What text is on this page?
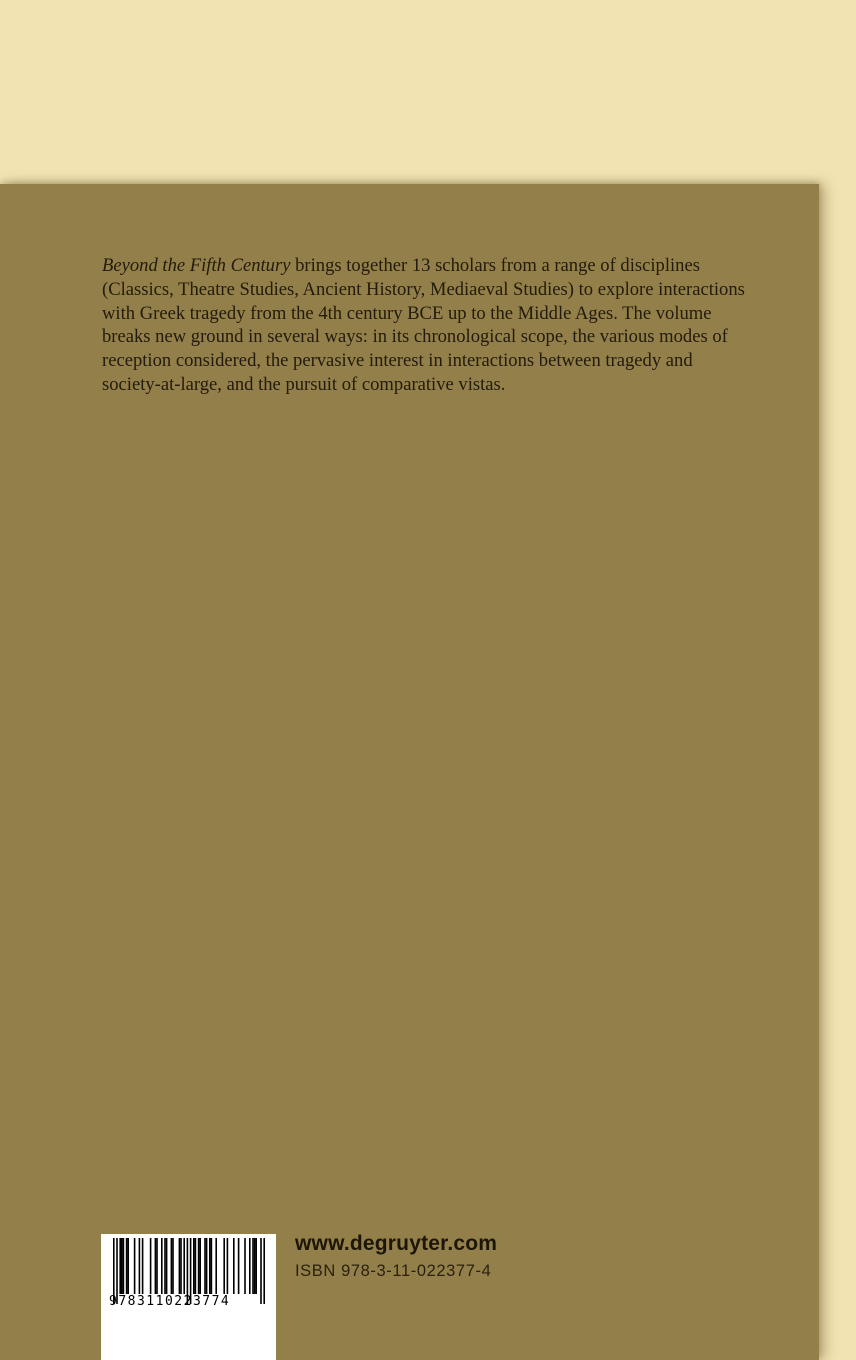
Beyond the Fifth Century brings together 13 scholars from a range of disciplines (Classics, Theatre Studies, Ancient History, Mediaeval Studies) to explore interactions with Greek tragedy from the 4th century BCE up to the Middle Ages. The volume breaks new ground in several ways: in its chronological scope, the various modes of reception considered, the pervasive interest in interactions between tragedy and society-at-large, and the pursuit of comparative vistas.

9783110223774

www.degruyter.com

ISBN 978-3-11-022377-4
